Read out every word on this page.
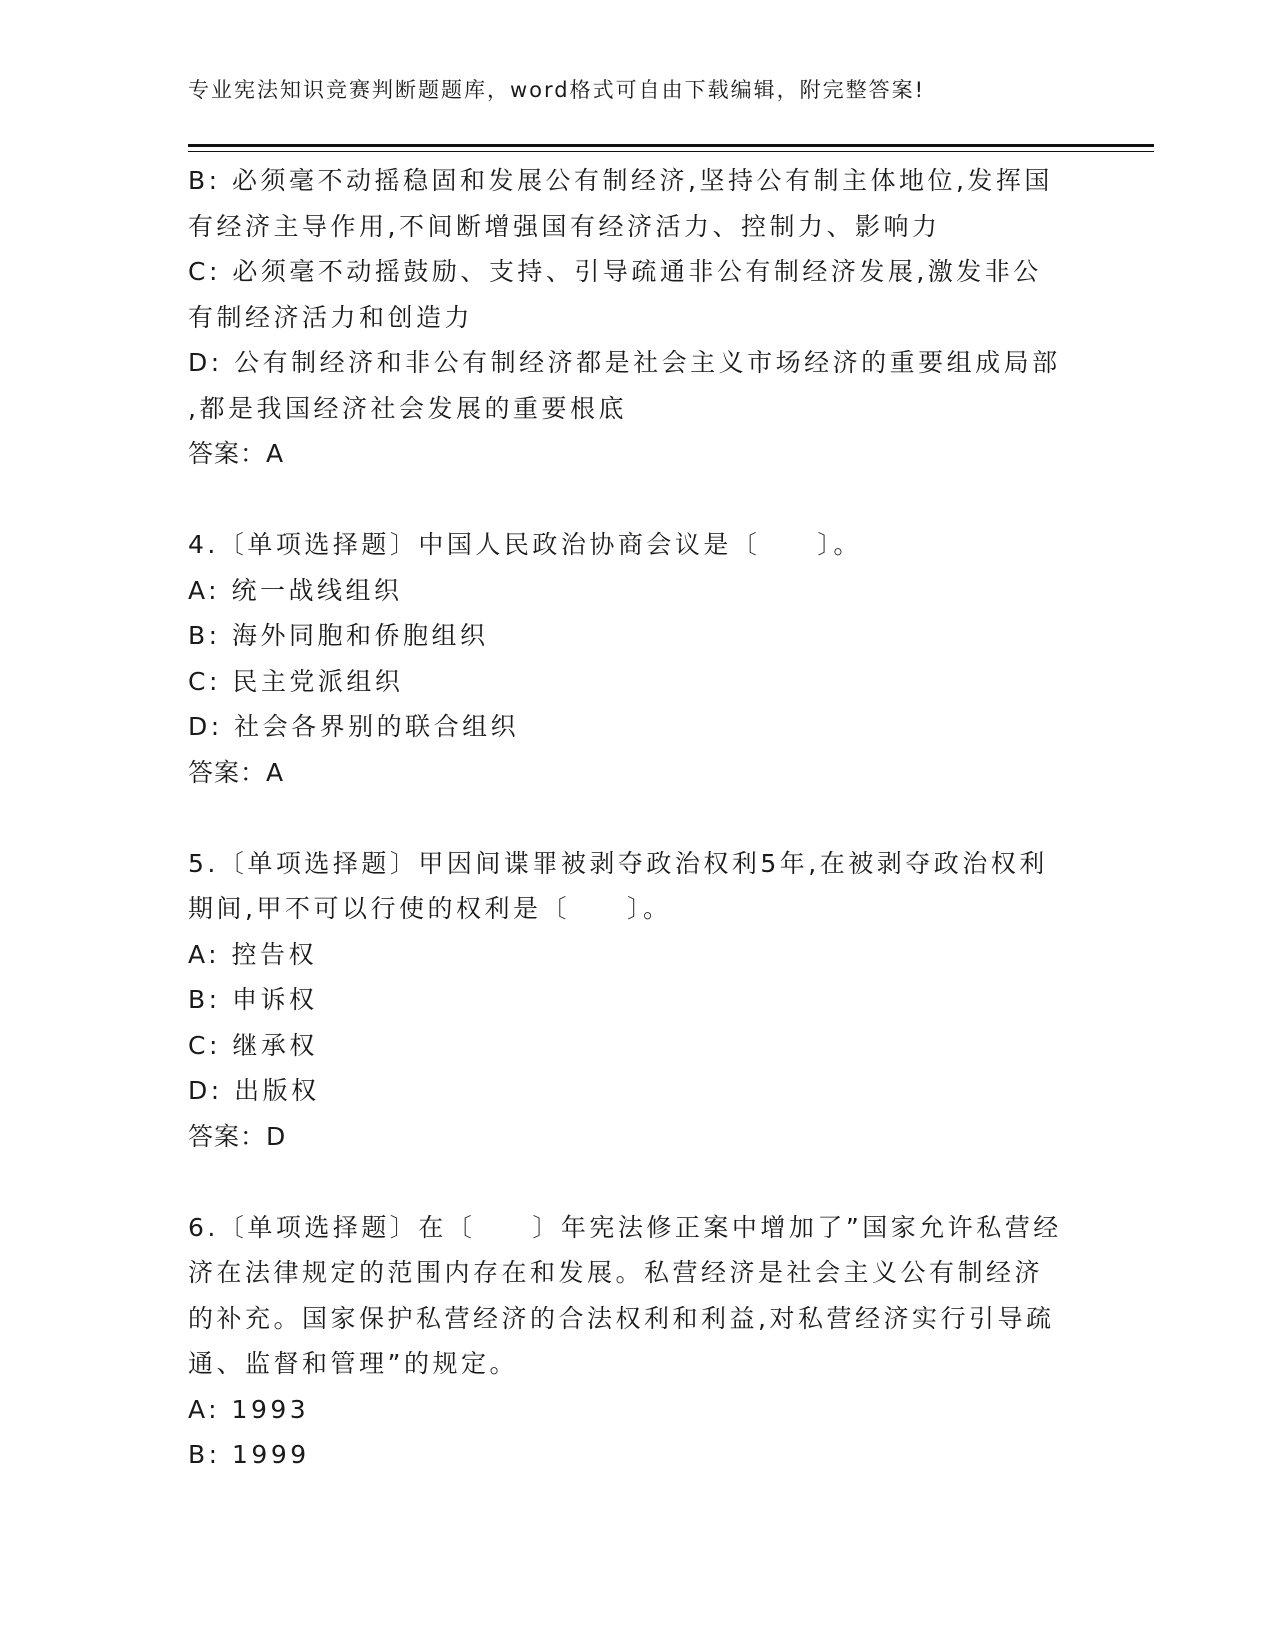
专业宪法知识竞赛判断题题库，word格式可自由下载编辑，附完整答案!
B: 必须毫不动摇稳固和发展公有制经济,坚持公有制主体地位,发挥国
有经济主导作用,不间断增强国有经济活力、控制力、影响力
C: 必须毫不动摇鼓励、支持、引导疏通非公有制经济发展,激发非公
有制经济活力和创造力
D: 公有制经济和非公有制经济都是社会主义市场经济的重要组成局部
,都是我国经济社会发展的重要根底
答案：A
4.〔单项选择题〕中国人民政治协商会议是〔　　〕。
A: 统一战线组织
B: 海外同胞和侨胞组织
C: 民主党派组织
D: 社会各界别的联合组织
答案：A
5.〔单项选择题〕甲因间谍罪被剥夺政治权利5年,在被剥夺政治权利
期间,甲不可以行使的权利是〔　　〕。
A: 控告权
B: 申诉权
C: 继承权
D: 出版权
答案：D
6.〔单项选择题〕在〔　　〕年宪法修正案中增加了”国家允许私营经
济在法律规定的范围内存在和发展。私营经济是社会主义公有制经济
的补充。国家保护私营经济的合法权利和利益,对私营经济实行引导疏
通、监督和管理”的规定。
A: 1993
B: 1999
